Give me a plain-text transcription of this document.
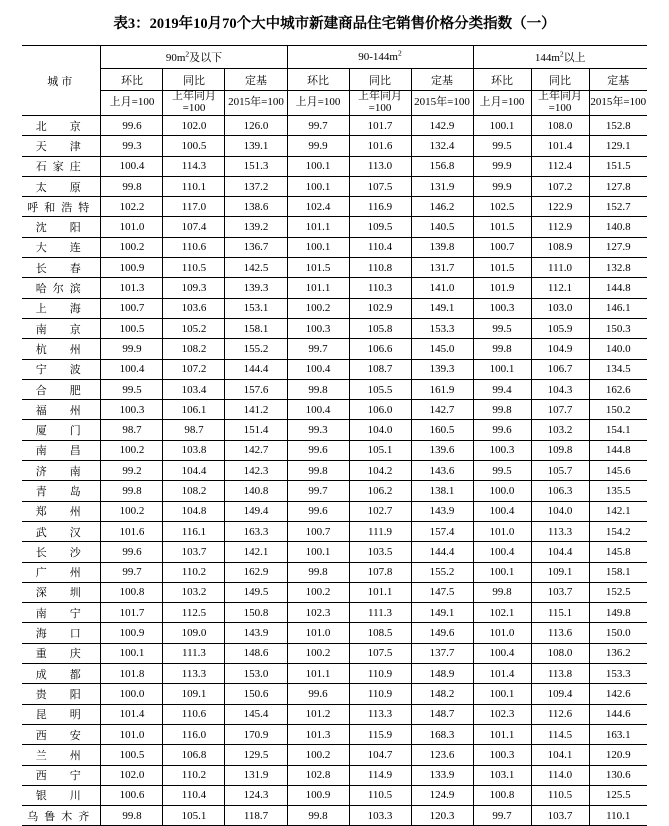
表3：2019年10月70个大中城市新建商品住宅销售价格分类指数（一）
城市	$90m^2$及以下			$90-144m^2$			$144m^2$以上		
	环比	同比	定基	环比	同比	定基	环比	同比	定基
上月=100	上年同月
=100	2015年=100	上月=100	上年同月
=100	2015年=100	上月=100	上年同月
=100	2015年=100
北　京	99.6	102.0	126.0	99.7	101.7	142.9	100.1	108.0	152.8
天　津	99.3	100.5	139.1	99.9	101.6	132.4	99.5	101.4	129.1
石家庄	100.4	114.3	151.3	100.1	113.0	156.8	99.9	112.4	151.5
太　原	99.8	110.1	137.2	100.1	107.5	131.9	99.9	107.2	127.8
呼和浩特	102.2	117.0	138.6	102.4	116.9	146.2	102.5	122.9	152.7
沈　阳	101.0	107.4	139.2	101.1	109.5	140.5	101.5	112.9	140.8
大　连	100.2	110.6	136.7	100.1	110.4	139.8	100.7	108.9	127.9
长　春	100.9	110.5	142.5	101.5	110.8	131.7	101.5	111.0	132.8
哈尔滨	101.3	109.3	139.3	101.1	110.3	141.0	101.9	112.1	144.8
上　海	100.7	103.6	153.1	100.2	102.9	149.1	100.3	103.0	146.1
南　京	100.5	105.2	158.1	100.3	105.8	153.3	99.5	105.9	150.3
杭　州	99.9	108.2	155.2	99.7	106.6	145.0	99.8	104.9	140.0
宁　波	100.4	107.2	144.4	100.4	108.7	139.3	100.1	106.7	134.5
合　肥	99.5	103.4	157.6	99.8	105.5	161.9	99.4	104.3	162.6
福　州	100.3	106.1	141.2	100.4	106.0	142.7	99.8	107.7	150.2
厦　门	98.7	98.7	151.4	99.3	104.0	160.5	99.6	103.2	154.1
南　昌	100.2	103.8	142.7	99.6	105.1	139.6	100.3	109.8	144.8
济　南	99.2	104.4	142.3	99.8	104.2	143.6	99.5	105.7	145.6
青　岛	99.8	108.2	140.8	99.7	106.2	138.1	100.0	106.3	135.5
郑　州	100.2	104.8	149.4	99.6	102.7	143.9	100.4	104.0	142.1
武　汉	101.6	116.1	163.3	100.7	111.9	157.4	101.0	113.3	154.2
长　沙	99.6	103.7	142.1	100.1	103.5	144.4	100.4	104.4	145.8
广　州	99.7	110.2	162.9	99.8	107.8	155.2	100.1	109.1	158.1
深　圳	100.8	103.2	149.5	100.2	101.1	147.5	99.8	103.7	152.5
南　宁	101.7	112.5	150.8	102.3	111.3	149.1	102.1	115.1	149.8
海　口	100.9	109.0	143.9	101.0	108.5	149.6	101.0	113.6	150.0
重　庆	100.1	111.3	148.6	100.2	107.5	137.7	100.4	108.0	136.2
成　都	101.8	113.3	153.0	101.1	110.9	148.9	101.4	113.8	153.3
贵　阳	100.0	109.1	150.6	99.6	110.9	148.2	100.1	109.4	142.6
昆　明	101.4	110.6	145.4	101.2	113.3	148.7	102.3	112.6	144.6
西　安	101.0	116.0	170.9	101.3	115.9	168.3	101.1	114.5	163.1
兰　州	100.5	106.8	129.5	100.2	104.7	123.6	100.3	104.1	120.9
西　宁	102.0	110.2	131.9	102.8	114.9	133.9	103.1	114.0	130.6
银　川	100.6	110.4	124.3	100.9	110.5	124.9	100.8	110.5	125.5
乌鲁木齐	99.8	105.1	118.7	99.8	103.3	120.3	99.7	103.7	110.1
